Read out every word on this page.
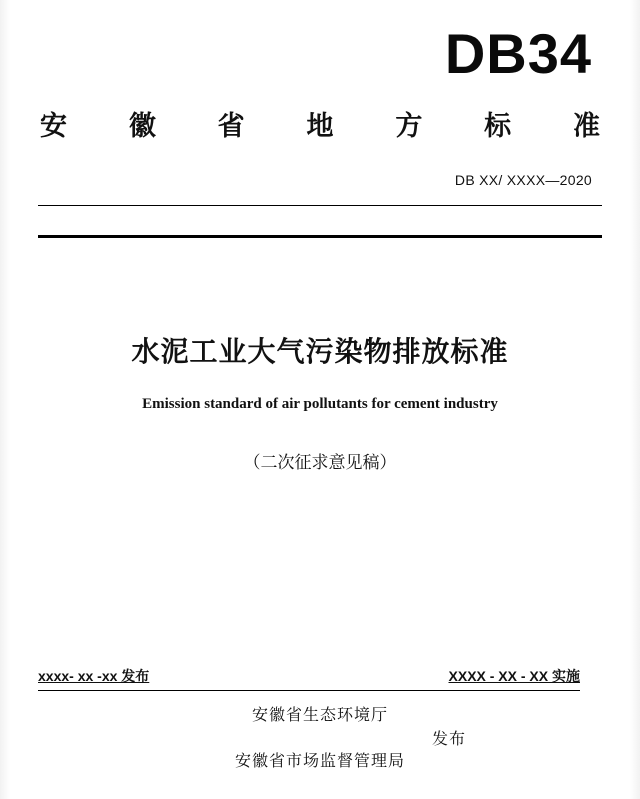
DB34
安 徽 省 地 方 标 准
DB XX/ XXXX—2020
水泥工业大气污染物排放标准
Emission standard of air pollutants for cement industry
（二次征求意见稿）
xxxx- xx -xx 发布	XXXX - XX - XX 实施
安徽省生态环境厅
发布
安徽省市场监督管理局
